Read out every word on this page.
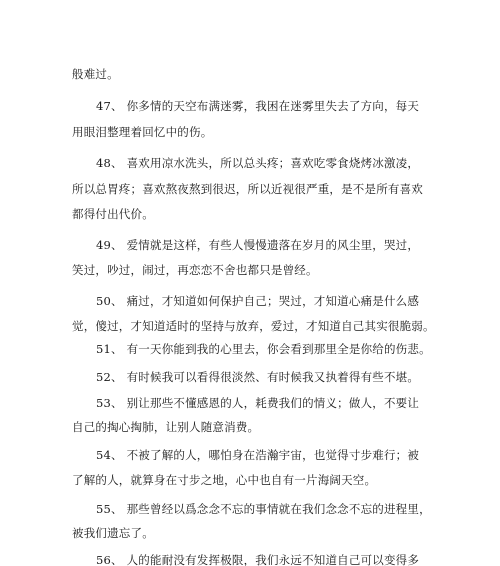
般难过。
47、 你多情的天空布满迷雾，我困在迷雾里失去了方向，每天
用眼泪整理着回忆中的伤。
48、 喜欢用凉水洗头，所以总头疼；喜欢吃零食烧烤冰激凌，
所以总胃疼；喜欢熬夜熬到很迟，所以近视很严重，是不是所有喜欢
都得付出代价。
49、 爱情就是这样，有些人慢慢遗落在岁月的风尘里，哭过，
笑过，吵过，闹过，再恋恋不舍也都只是曾经。
50、 痛过，才知道如何保护自己；哭过，才知道心痛是什么感
觉，傻过，才知道适时的坚持与放弃，爱过，才知道自己其实很脆弱。
51、 有一天你能到我的心里去，你会看到那里全是你给的伤悲。
52、 有时候我可以看得很淡然、有时候我又执着得有些不堪。
53、 别让那些不懂感恩的人，耗费我们的情义；做人，不要让
自己的掏心掏肺，让别人随意消费。
54、 不被了解的人，哪怕身在浩瀚宇宙，也觉得寸步难行；被
了解的人，就算身在寸步之地，心中也自有一片海阔天空。
55、 那些曾经以爲念念不忘的事情就在我们念念不忘的进程里，
被我们遗忘了。
56、 人的能耐没有发挥极限，我们永远不知道自己可以变得多
